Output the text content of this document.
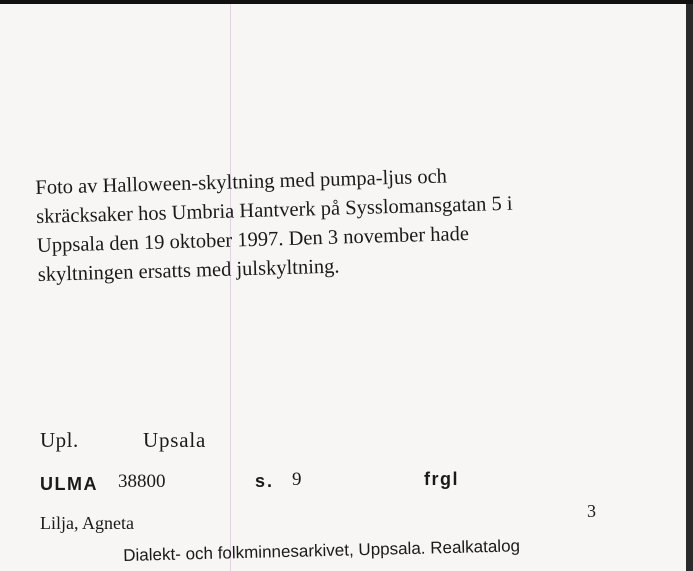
Foto av Halloween-skyltning med pumpa-ljus och
skräcksaker hos Umbria Hantverk på Sysslomansgatan 5 i
Uppsala den 19 oktober 1997. Den 3 november hade
skyltningen ersatts med julskyltning.
Upl.	Upsala
ULMA 38800	s. 9	frgl
Lilja, Agneta
3
Dialekt- och folkminnesarkivet, Uppsala. Realkatalog
